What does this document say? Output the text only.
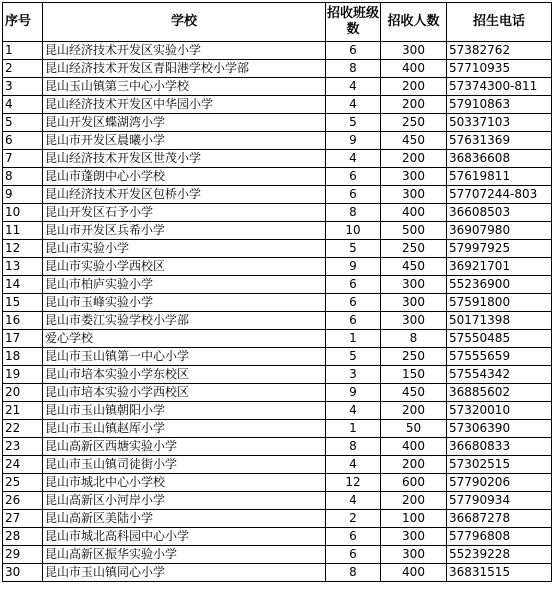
序号	学校	招收班级数	招收人数	招生电话
1	昆山经济技术开发区实验小学	6	300	57382762
2	昆山经济技术开发区青阳港学校小学部	8	400	57710935
3	昆山玉山镇第三中心小学校	4	200	57374300-811
4	昆山经济技术开发区中华园小学	4	200	57910863
5	昆山开发区蝶湖湾小学	5	250	50337103
6	昆山市开发区晨曦小学	9	450	57631369
7	昆山经济技术开发区世茂小学	4	200	36836608
8	昆山市蓬朗中心小学校	6	300	57619811
9	昆山经济技术开发区包桥小学	6	300	57707244-803
10	昆山开发区石予小学	8	400	36608503
11	昆山市开发区兵希小学	10	500	36907980
12	昆山市实验小学	5	250	57997925
13	昆山市实验小学西校区	9	450	36921701
14	昆山市柏庐实验小学	6	300	55236900
15	昆山市玉峰实验小学	6	300	57591800
16	昆山市娄江实验学校小学部	6	300	50171398
17	爱心学校	1	8	57550485
18	昆山市玉山镇第一中心小学	5	250	57555659
19	昆山市培本实验小学东校区	3	150	57554342
20	昆山市培本实验小学西校区	9	450	36885602
21	昆山市玉山镇朝阳小学	4	200	57320010
22	昆山市玉山镇赵厍小学	1	50	57306390
23	昆山高新区西塘实验小学	8	400	36680833
24	昆山市玉山镇司徒街小学	4	200	57302515
25	昆山市城北中心小学校	12	600	57790206
26	昆山高新区小河岸小学	4	200	57790934
27	昆山高新区美陆小学	2	100	36687278
28	昆山市城北高科园中心小学	6	300	57796808
29	昆山高新区振华实验小学	6	300	55239228
30	昆山市玉山镇同心小学	8	400	36831515
